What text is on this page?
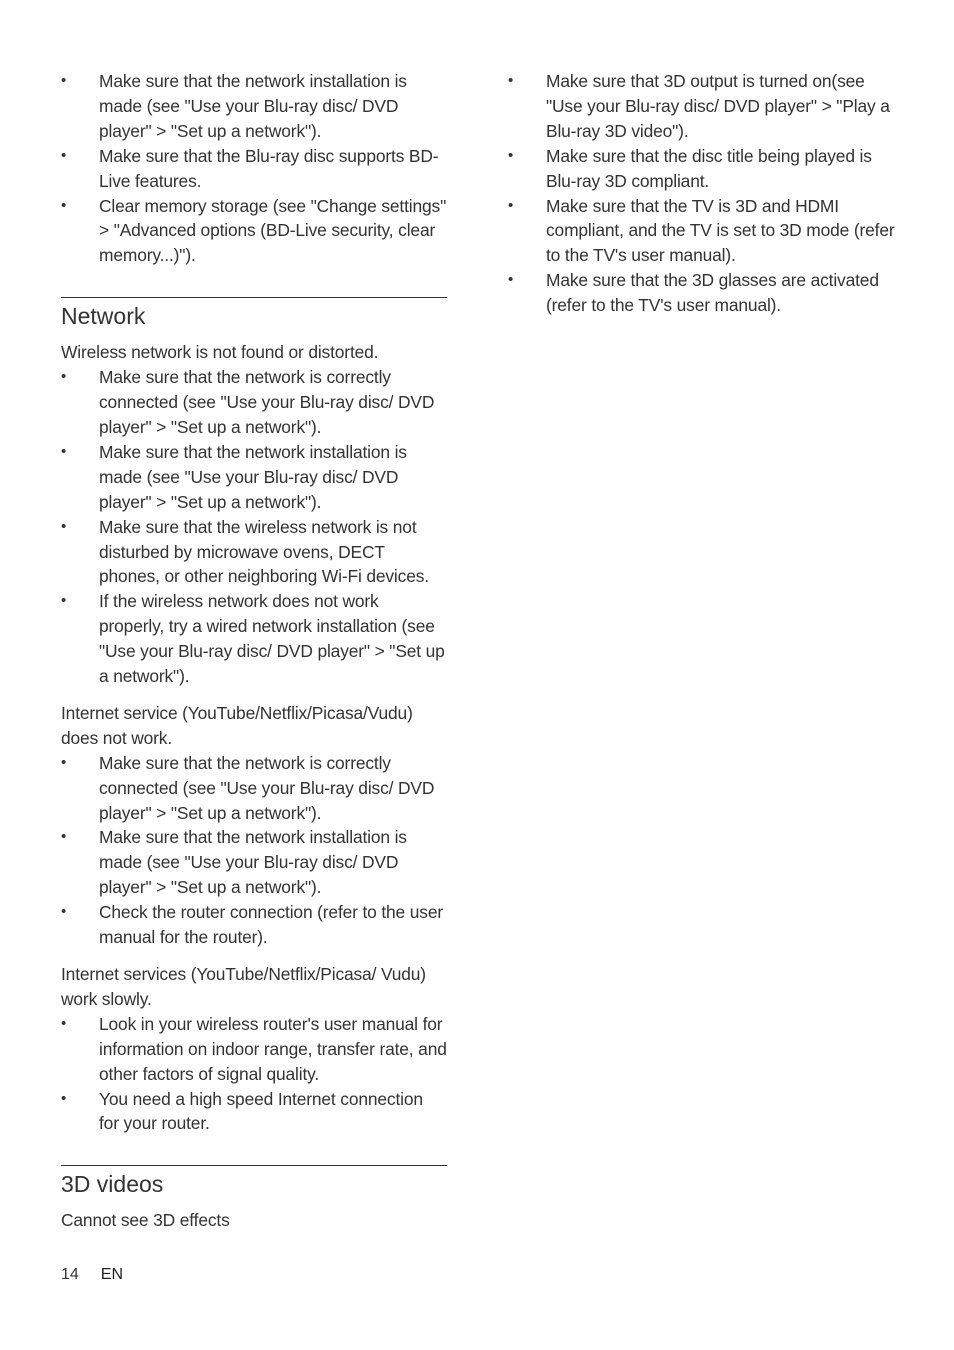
• Make sure that the network installation is made (see "Use your Blu-ray disc/ DVD player" > "Set up a network").
• Make sure that the Blu-ray disc supports BD-Live features.
• Clear memory storage (see "Change settings" > "Advanced options (BD-Live security, clear memory...)").
Network

Wireless network is not found or distorted.

• Make sure that the network is correctly connected (see "Use your Blu-ray disc/ DVD player" > "Set up a network").
• Make sure that the network installation is made (see "Use your Blu-ray disc/ DVD player" > "Set up a network").
• Make sure that the wireless network is not disturbed by microwave ovens, DECT phones, or other neighboring Wi-Fi devices.
• If the wireless network does not work properly, try a wired network installation (see "Use your Blu-ray disc/ DVD player" > "Set up a network").

Internet service (YouTube/Netflix/Picasa/Vudu) does not work.

• Make sure that the network is correctly connected (see "Use your Blu-ray disc/ DVD player" > "Set up a network").
• Make sure that the network installation is made (see "Use your Blu-ray disc/ DVD player" > "Set up a network").
• Check the router connection (refer to the user manual for the router).

Internet services (YouTube/Netflix/Picasa/ Vudu) work slowly.

• Look in your wireless router's user manual for information on indoor range, transfer rate, and other factors of signal quality.
• You need a high speed Internet connection for your router.
3D videos

Cannot see 3D effects

• Make sure that 3D output is turned on(see "Use your Blu-ray disc/ DVD player" > "Play a Blu-ray 3D video").
• Make sure that the disc title being played is Blu-ray 3D compliant.
• Make sure that the TV is 3D and HDMI compliant, and the TV is set to 3D mode (refer to the TV's user manual).
• Make sure that the 3D glasses are activated (refer to the TV's user manual).
14 EN
